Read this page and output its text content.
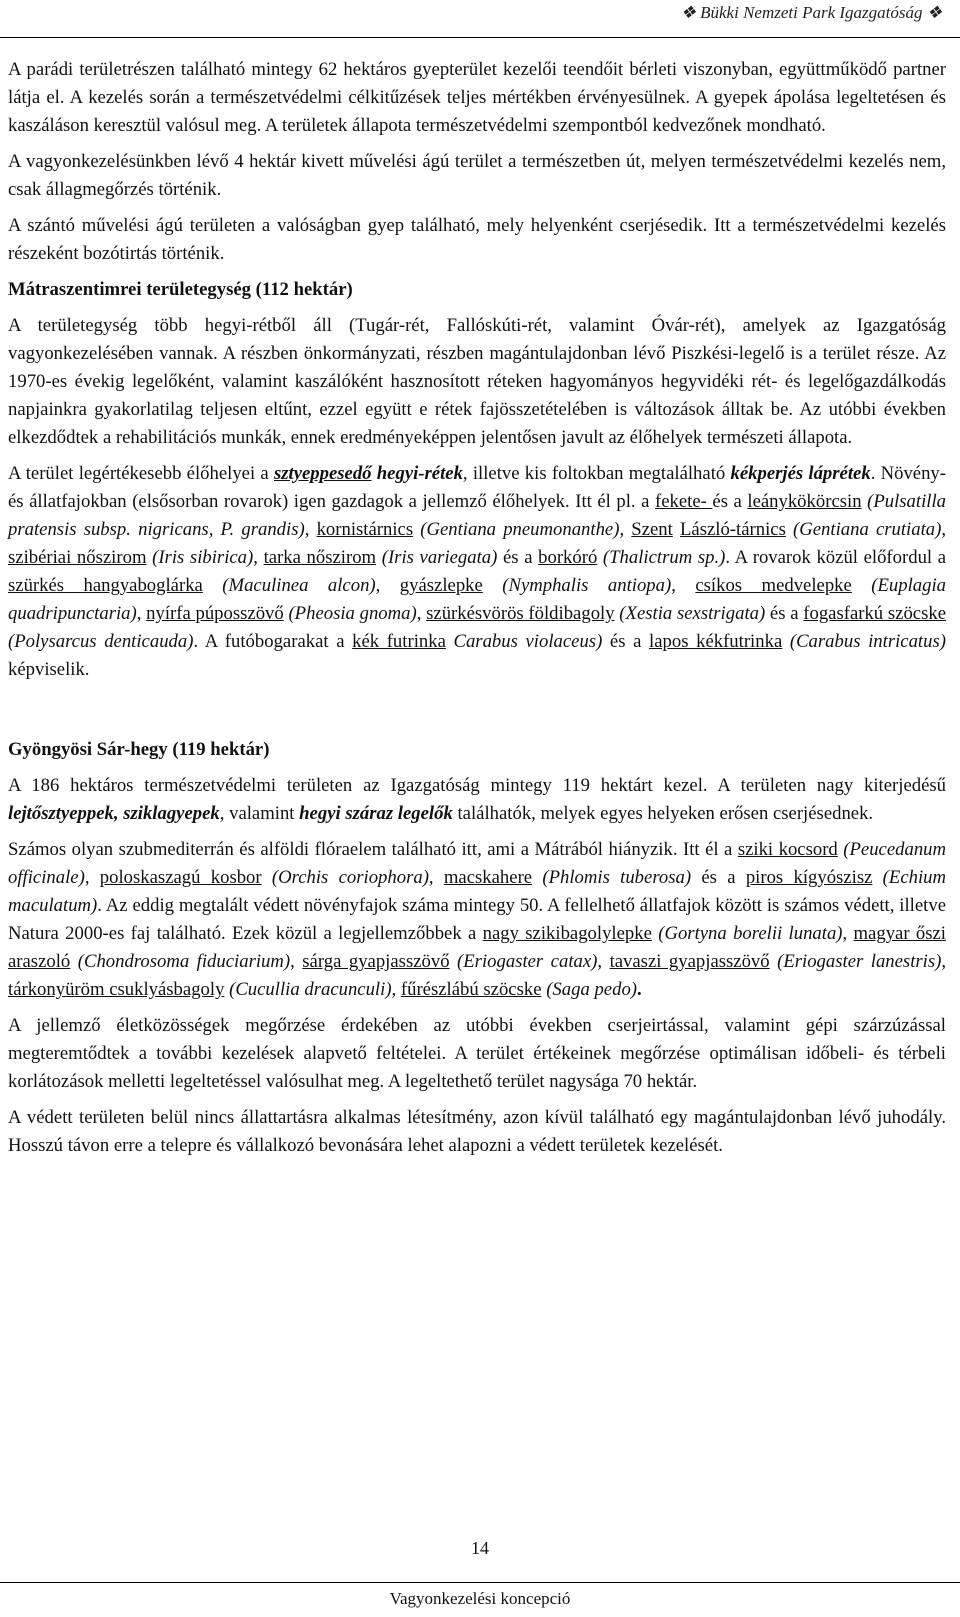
❖ Bükki Nemzeti Park Igazgatóság ❖

A parádi területrészen található mintegy 62 hektáros gyepterület kezelői teendőit bérleti viszonyban, együttműködő partner látja el. A kezelés során a természetvédelmi célkitűzések teljes mértékben érvényesülnek. A gyepek ápolása legeltetésen és kaszáláson keresztül valósul meg. A területek állapota természetvédelmi szempontból kedvezőnek mondható.

A vagyonkezelésünkben lévő 4 hektár kivett művelési ágú terület a természetben út, melyen természetvédelmi kezelés nem, csak állagmegőrzés történik.

A szántó művelési ágú területen a valóságban gyep található, mely helyenként cserjésedik. Itt a természetvédelmi kezelés részeként bozótirtás történik.

Mátraszentimrei területegység (112 hektár)

A területegység több hegyi-rétből áll (Tugár-rét, Fallóskúti-rét, valamint Óvár-rét), amelyek az Igazgatóság vagyonkezelésében vannak. A részben önkormányzati, részben magántulajdonban lévő Piszkési-legelő is a terület része. Az 1970-es évekig legelőként, valamint kaszálóként hasznosított réteken hagyományos hegyvidéki rét- és legelőgazdálkodás napjainkra gyakorlatilag teljesen eltűnt, ezzel együtt e rétek fajösszetételében is változások álltak be. Az utóbbi években elkezdődtek a rehabilitációs munkák, ennek eredményeképpen jelentősen javult az élőhelyek természeti állapota.

A terület legértékesebb élőhelyei a sztyeppesedő hegyi-rétek, illetve kis foltokban megtalálható kékperjés láprétek. Növény- és állatfajokban (elsősorban rovarok) igen gazdagok a jellemző élőhelyek. Itt él pl. a fekete- és a leánykökörcsin (Pulsatilla pratensis subsp. nigricans, P. grandis), kornistárnics (Gentiana pneumonanthe), Szent László-tárnics (Gentiana crutiata), szibériai nőszirom (Iris sibirica), tarka nőszirom (Iris variegata) és a borkóró (Thalictrum sp.). A rovarok közül előfordul a szürkés hangyaboglárka (Maculinea alcon), gyászlepke (Nymphalis antiopa), csíkos medvelepke (Euplagia quadripunctaria), nyírfa púposszövő (Pheosia gnoma), szürkésvörös földibagoly (Xestia sexstrigata) és a fogasfarkú szöcske (Polysarcus denticauda). A futóbogarakat a kék futrinka Carabus violaceus) és a lapos kékfutrinka (Carabus intricatus) képviselik.

Gyöngyösi Sár-hegy (119 hektár)

A 186 hektáros természetvédelmi területen az Igazgatóság mintegy 119 hektárt kezel. A területen nagy kiterjedésű lejtősztyeppek, sziklagyepek, valamint hegyi száraz legelők találhatók, melyek egyes helyeken erősen cserjésednek.

Számos olyan szubmediterrán és alföldi flóraelem található itt, ami a Mátrából hiányzik. Itt él a sziki kocsord (Peucedanum officinale), poloskaszagú kosbor (Orchis coriophora), macskahere (Phlomis tuberosa) és a piros kígyószisz (Echium maculatum). Az eddig megtalált védett növényfajok száma mintegy 50. A fellelhető állatfajok között is számos védett, illetve Natura 2000-es faj található. Ezek közül a legjellemzőbbek a nagy szikibagolylepke (Gortyna borelii lunata), magyar őszi araszoló (Chondrosoma fiduciarium), sárga gyapjasszövő (Eriogaster catax), tavaszi gyapjasszövő (Eriogaster lanestris), tárkonyüröm csuklyásbagoly (Cucullia dracunculi), fűrészlábú szöcske (Saga pedo).

A jellemző életközösségek megőrzése érdekében az utóbbi években cserjeirtással, valamint gépi szárzúzással megteremtődtek a további kezelések alapvető feltételei. A terület értékeinek megőrzése optimálisan időbeli- és térbeli korlátozások melletti legeltetéssel valósulhat meg. A legeltethető terület nagysága 70 hektár.

A védett területen belül nincs állattartásra alkalmas létesítmény, azon kívül található egy magántulajdonban lévő juhodály. Hosszú távon erre a telepre és vállalkozó bevonására lehet alapozni a védett területek kezelését.

14
Vagyonkezelési koncepció
